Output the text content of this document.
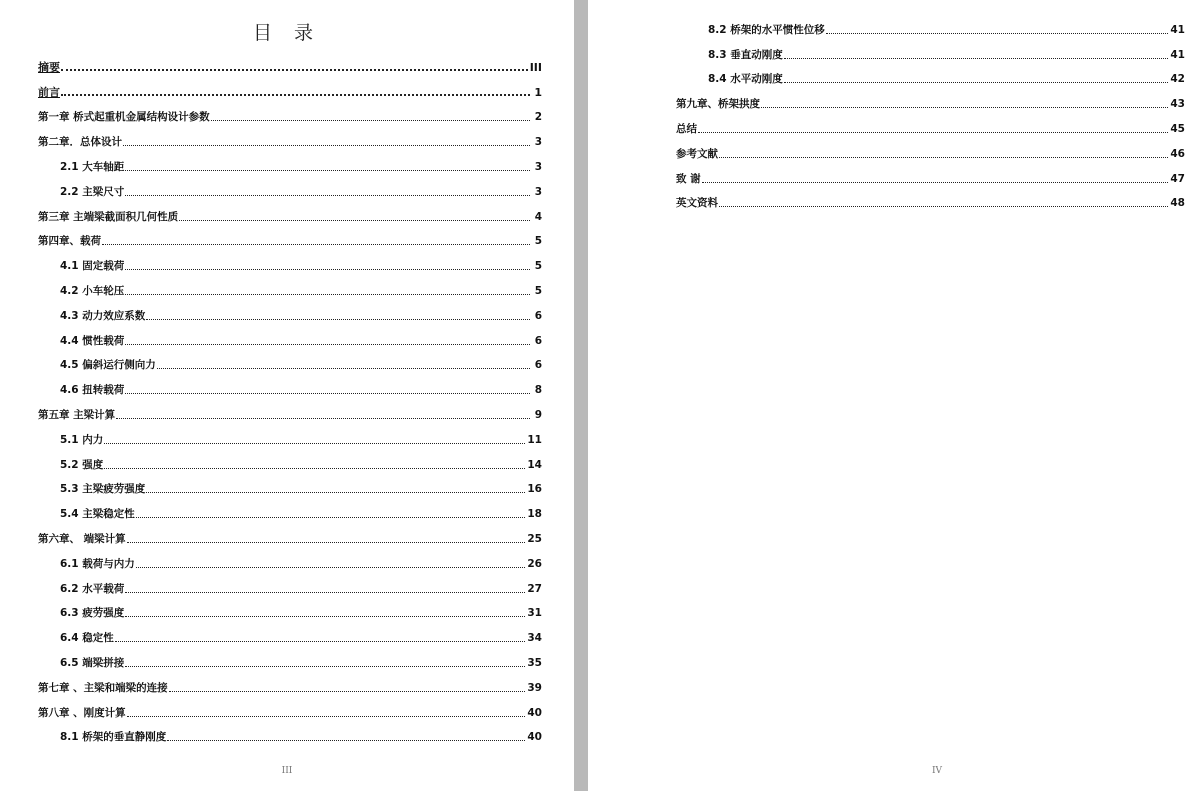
目 录
摘要	III
前言	1
第一章 桥式起重机金属结构设计参数	2
第二章．总体设计	3
2.1 大车轴距	3
2.2 主梁尺寸	3
第三章 主端梁截面积几何性质	4
第四章、载荷	5
4.1 固定载荷	5
4.2 小车轮压	5
4.3 动力效应系数	6
4.4 惯性载荷	6
4.5 偏斜运行侧向力	6
4.6 扭转载荷	8
第五章 主梁计算	9
5.1 内力	11
5.2 强度	14
5.3 主梁疲劳强度	16
5.4 主梁稳定性	18
第六章、 端梁计算	25
6.1 载荷与内力	26
6.2 水平载荷	27
6.3 疲劳强度	31
6.4 稳定性	34
6.5 端梁拼接	35
第七章 、主梁和端梁的连接	39
第八章 、刚度计算	40
8.1 桥架的垂直静刚度	40
III
8.2 桥架的水平惯性位移	41
8.3 垂直动刚度	41
8.4 水平动刚度	42
第九章、桥架拱度	43
总结	45
参考文献	46
致 谢	47
英文资料	48
IV
